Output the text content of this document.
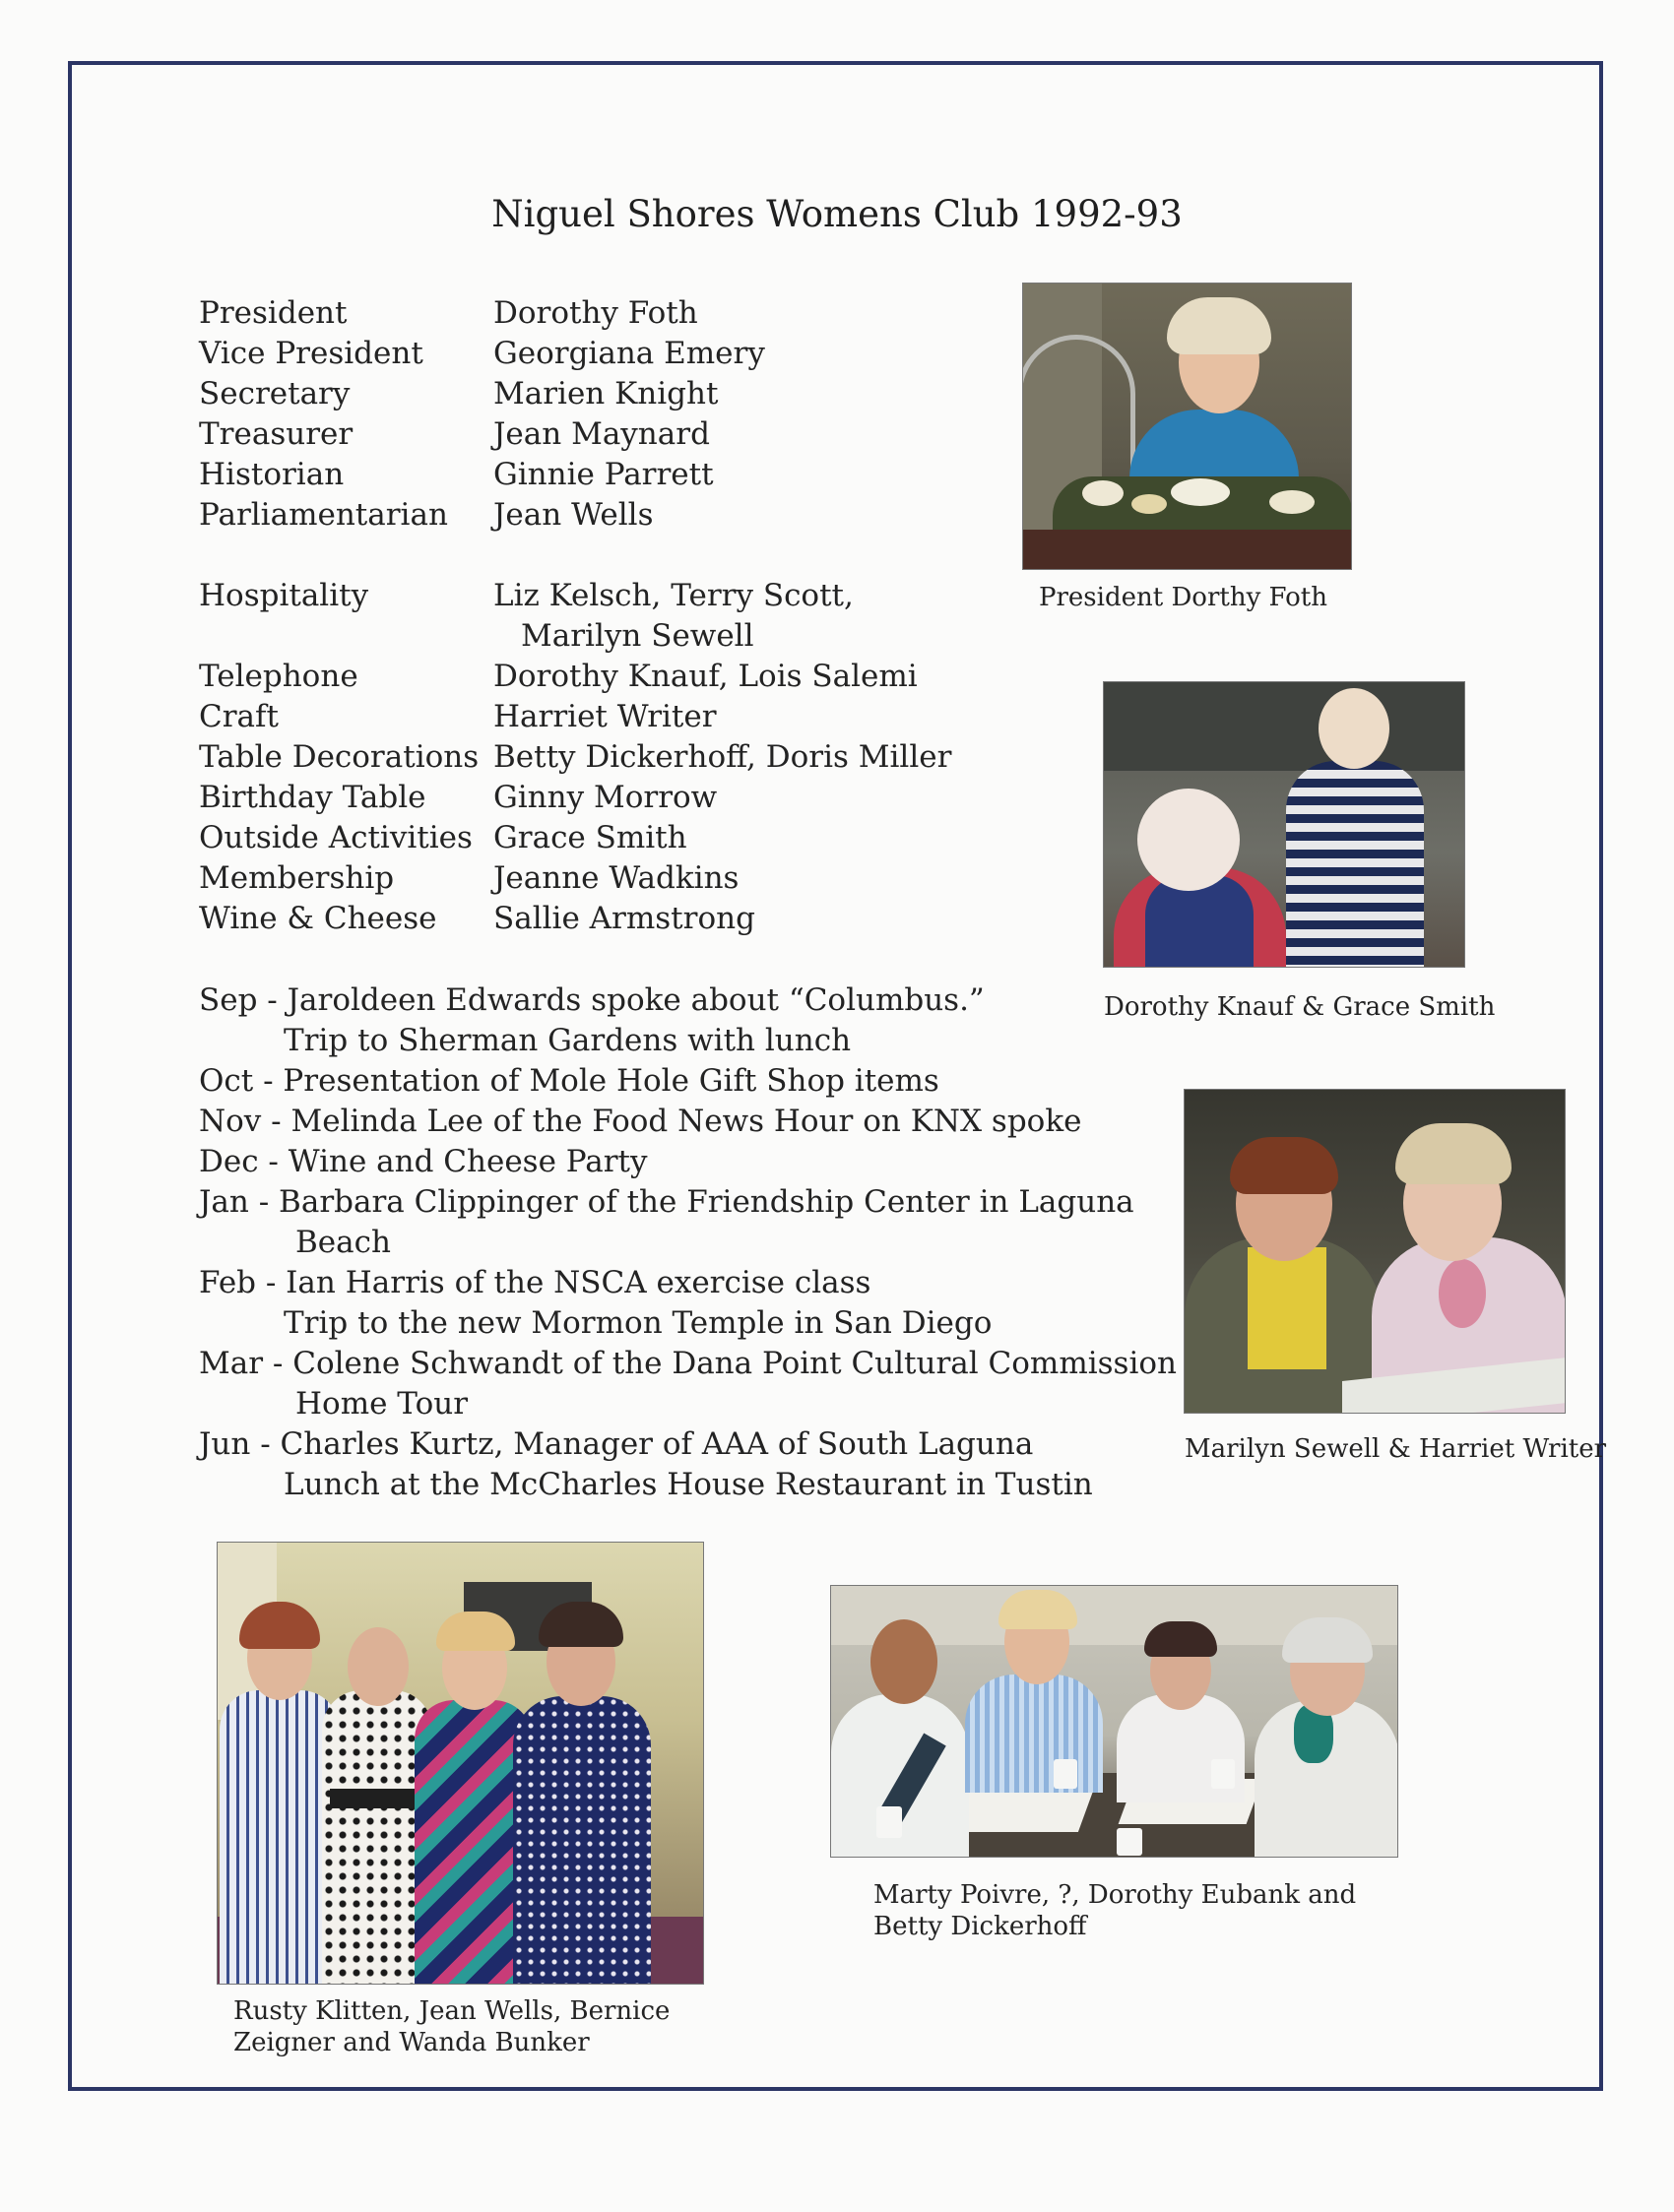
Niguel Shores Womens Club 1992-93
President	Dorothy Foth
Vice President	Georgiana Emery
Secretary	Marien Knight
Treasurer	Jean Maynard
Historian	Ginnie Parrett
Parliamentarian	Jean Wells
Hospitality	Liz Kelsch, Terry Scott,
Marilyn Sewell
Telephone	Dorothy Knauf, Lois Salemi
Craft	Harriet Writer
Table Decorations Betty Dickerhoff, Doris Miller
Birthday Table	Ginny Morrow
Outside Activities Grace Smith
Membership	Jeanne Wadkins
Wine & Cheese	Sallie Armstrong
Sep - Jaroldeen Edwards spoke about “Columbus.”
Trip to Sherman Gardens with lunch
Oct - Presentation of Mole Hole Gift Shop items
Nov - Melinda Lee of the Food News Hour on KNX spoke
Dec - Wine and Cheese Party
Jan - Barbara Clippinger of the Friendship Center in Laguna
Beach
Feb - Ian Harris of the NSCA exercise class
Trip to the new Mormon Temple in San Diego
Mar - Colene Schwandt of the Dana Point Cultural Commission
Home Tour
Jun - Charles Kurtz, Manager of AAA of South Laguna
Lunch at the McCharles House Restaurant in Tustin
President Dorthy Foth
Dorothy Knauf & Grace Smith
Marilyn Sewell & Harriet Writer
Rusty Klitten, Jean Wells, Bernice
Zeigner and Wanda Bunker
Marty Poivre, ?, Dorothy Eubank and
Betty Dickerhoff
